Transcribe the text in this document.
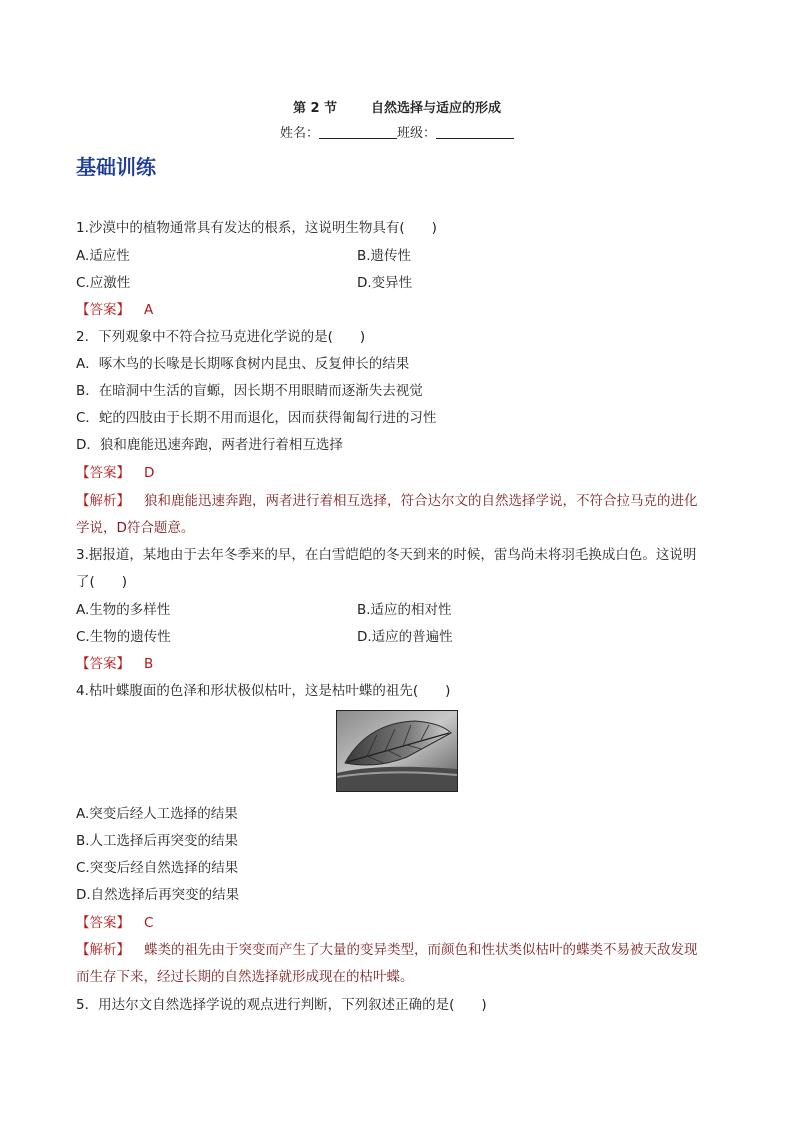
第 2 节	自然选择与适应的形成
姓名：	班级：
基础训练
1.沙漠中的植物通常具有发达的根系，这说明生物具有(　　)
A.适应性	B.遗传性
C.应激性	D.变异性
【答案】 A
2．下列观象中不符合拉马克进化学说的是(　　)
A．啄木鸟的长喙是长期啄食树内昆虫、反复伸长的结果
B．在暗洞中生活的盲螈，因长期不用眼睛而逐渐失去视觉
C．蛇的四肢由于长期不用而退化，因而获得匍匐行进的习性
D．狼和鹿能迅速奔跑，两者进行着相互选择
【答案】 D
【解析】 狼和鹿能迅速奔跑，两者进行着相互选择，符合达尔文的自然选择学说，不符合拉马克的进化
学说，D符合题意。
3.据报道，某地由于去年冬季来的早，在白雪皑皑的冬天到来的时候，雷鸟尚未将羽毛换成白色。这说明
了(　　)
A.生物的多样性	B.适应的相对性
C.生物的遗传性	D.适应的普遍性
【答案】 B
4.枯叶蝶腹面的色泽和形状极似枯叶，这是枯叶蝶的祖先(　　)
A.突变后经人工选择的结果
B.人工选择后再突变的结果
C.突变后经自然选择的结果
D.自然选择后再突变的结果
【答案】 C
【解析】 蝶类的祖先由于突变而产生了大量的变异类型，而颜色和性状类似枯叶的蝶类不易被天敌发现
而生存下来，经过长期的自然选择就形成现在的枯叶蝶。
5．用达尔文自然选择学说的观点进行判断，下列叙述正确的是(　　)
